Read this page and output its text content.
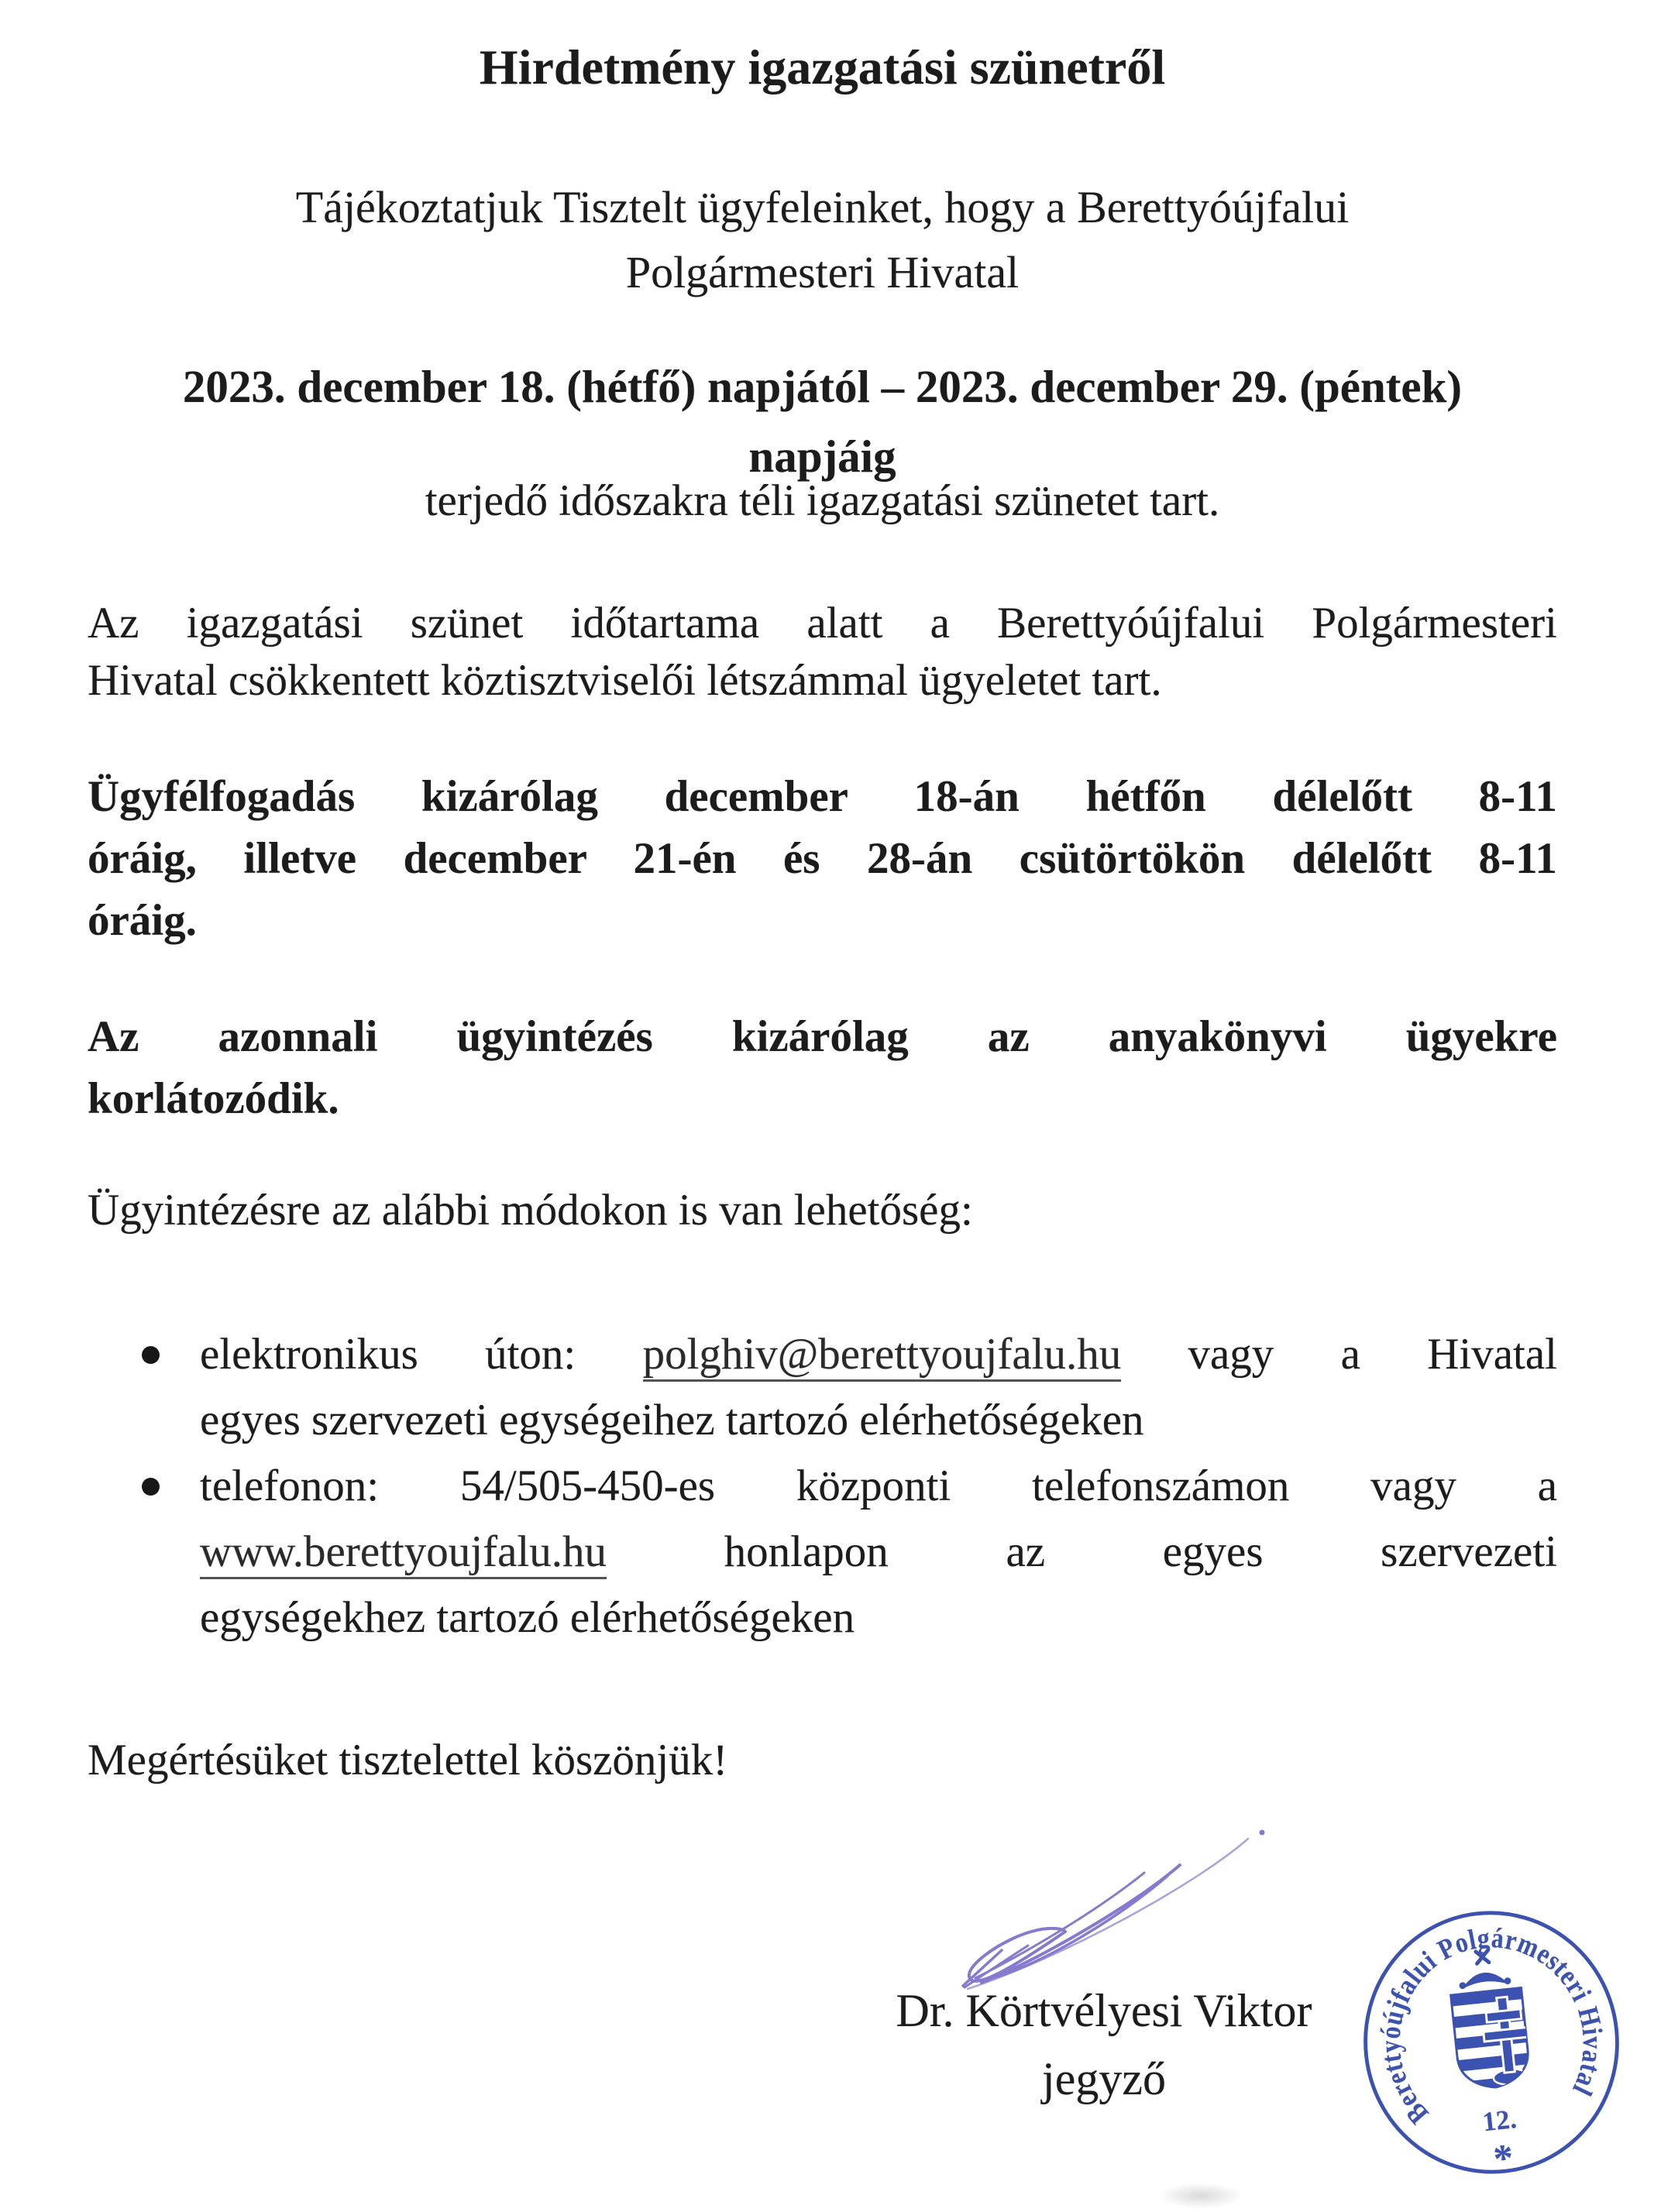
Hirdetmény igazgatási szünetről
Tájékoztatjuk Tisztelt ügyfeleinket, hogy a Berettyóújfalui
Polgármesteri Hivatal
2023. december 18. (hétfő) napjától – 2023. december 29. (péntek)
napjáig
terjedő időszakra téli igazgatási szünetet tart.
Az igazgatási szünet időtartama alatt a Berettyóújfalui Polgármesteri
Hivatal csökkentett köztisztviselői létszámmal ügyeletet tart.
Ügyfélfogadás kizárólag december 18-án hétfőn délelőtt 8-11
óráig, illetve december 21-én és 28-án csütörtökön délelőtt 8-11
óráig.
Az azonnali ügyintézés kizárólag az anyakönyvi ügyekre
korlátozódik.
Ügyintézésre az alábbi módokon is van lehetőség:
elektronikus úton: polghiv@berettyoujfalu.hu vagy a Hivatal
egyes szervezeti egységeihez tartozó elérhetőségeken
telefonon: 54/505-450-es központi telefonszámon vagy a
www.berettyoujfalu.hu honlapon az egyes szervezeti
egységekhez tartozó elérhetőségeken
Megértésüket tisztelettel köszönjük!
Dr. Körtvélyesi Viktor
jegyző
Berettyóújfalui Polgármesteri Hivatal
12.
*
